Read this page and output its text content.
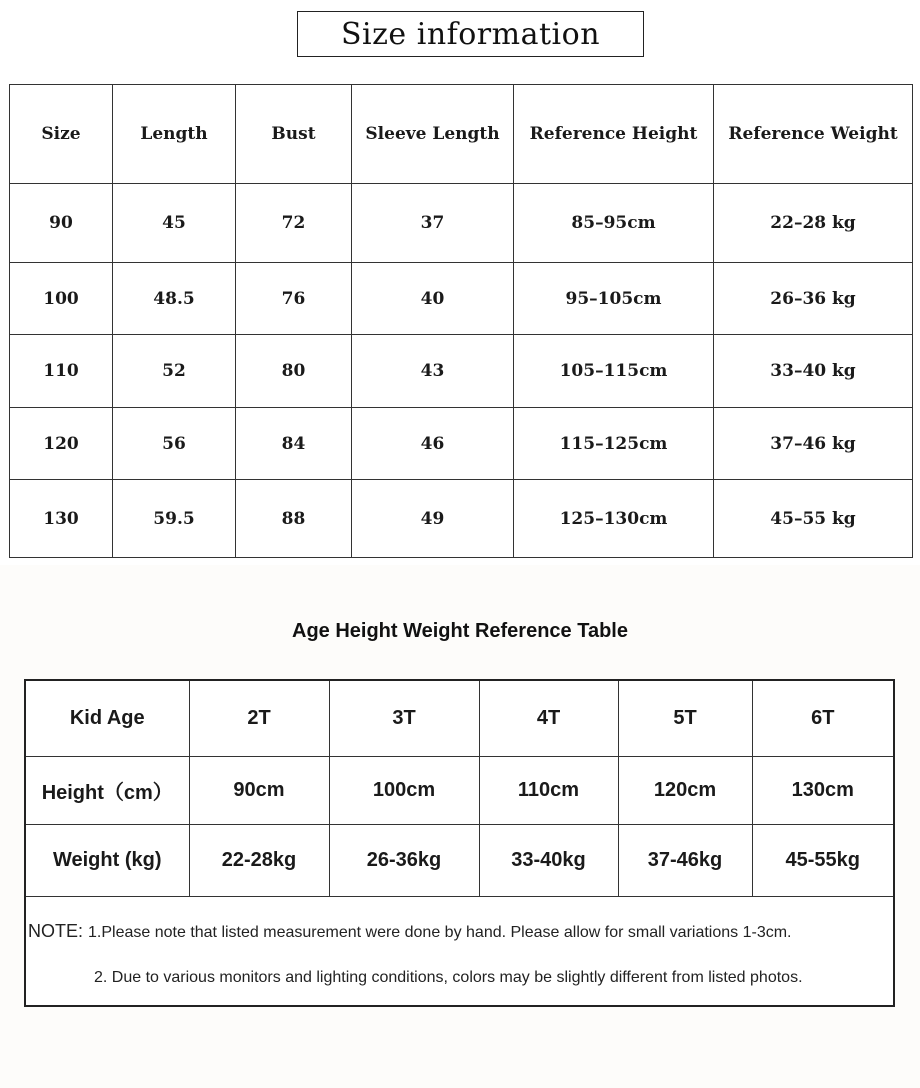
Size information
Size	Length	Bust	Sleeve Length	Reference Height	Reference Weight
90	45	72	37	85–95cm	22–28 kg
100	48.5	76	40	95–105cm	26–36 kg
110	52	80	43	105–115cm	33–40 kg
120	56	84	46	115–125cm	37–46 kg
130	59.5	88	49	125–130cm	45–55 kg
Age Height Weight Reference Table
Kid Age	2T	3T	4T	5T	6T
Height（cm）	90cm	100cm	110cm	120cm	130cm
Weight (kg)	22-28kg	26-36kg	33-40kg	37-46kg	45-55kg
NOTE: 1.Please note that listed measurement were done by hand. Please allow for small variations 1-3cm.
2. Due to various monitors and lighting conditions, colors may be slightly different from listed photos.
